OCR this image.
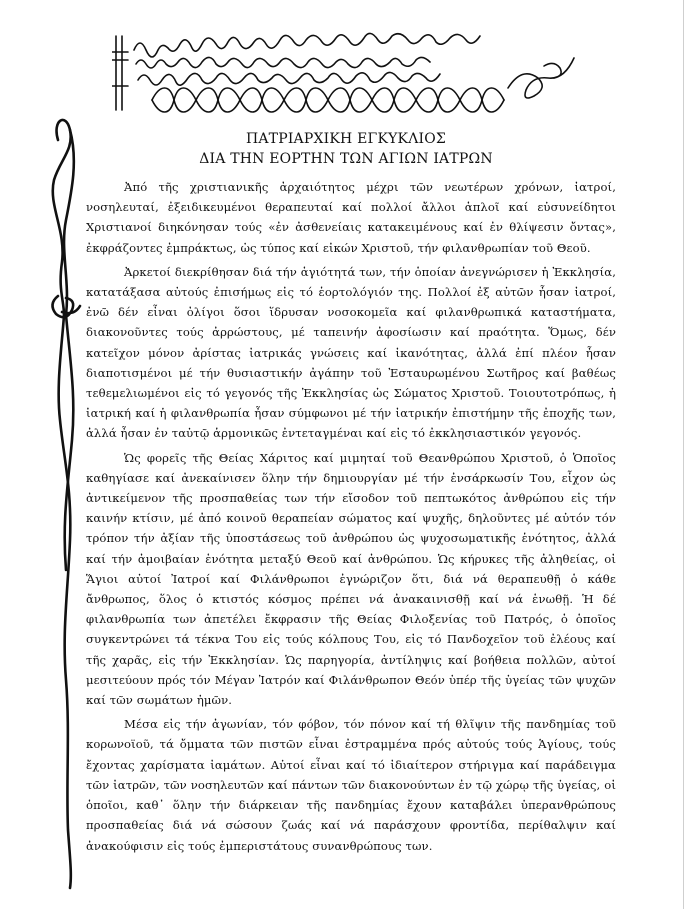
ΠΑΤΡΙΑΡΧΙΚΗ ΕΓΚΥΚΛΙΟΣ
ΔΙΑ ΤΗΝ ΕΟΡΤΗΝ ΤΩΝ ΑΓΙΩΝ ΙΑΤΡΩΝ

Ἀπό τῆς χριστιανικῆς ἀρχαιότητος μέχρι τῶν νεωτέρων χρόνων, ἰατροί, νοσηλευταί, ἐξειδικευμένοι θεραπευταί καί πολλοί ἄλλοι ἁπλοῖ καί εὐσυνείδητοι Χριστιανοί διηκόνησαν τούς «ἐν ἀσθενείαις κατακειμένους καί ἐν θλίψεσιν ὄντας», ἐκφράζοντες ἐμπράκτως, ὡς τύπος καί εἰκών Χριστοῦ, τήν φιλανθρωπίαν τοῦ Θεοῦ.

Ἀρκετοί διεκρίθησαν διά τήν ἁγιότητά των, τήν ὁποίαν ἀνεγνώρισεν ἡ Ἐκκλησία, κατατάξασα αὐτούς ἐπισήμως εἰς τό ἑορτολόγιόν της. Πολλοί ἐξ αὐτῶν ἦσαν ἰατροί, ἐνῶ δέν εἶναι ὀλίγοι ὅσοι ἵδρυσαν νοσοκομεῖα καί φιλανθρωπικά καταστήματα, διακονοῦντες τούς ἀρρώστους, μέ ταπεινήν ἀφοσίωσιν καί πραότητα. Ὅμως, δέν κατεῖχον μόνον ἀρίστας ἰατρικάς γνώσεις καί ἱκανότητας, ἀλλά ἐπί πλέον ἦσαν διαποτισμένοι μέ τήν θυσιαστικήν ἀγάπην τοῦ Ἐσταυρωμένου Σωτῆρος καί βαθέως τεθεμελιωμένοι εἰς τό γεγονός τῆς Ἐκκλησίας ὡς Σώματος Χριστοῦ. Τοιουτοτρόπως, ἡ ἰατρική καί ἡ φιλανθρωπία ἦσαν σύμφωνοι μέ τήν ἰατρικήν ἐπιστήμην τῆς ἐποχῆς των, ἀλλά ἦσαν ἐν ταὐτῷ ἁρμονικῶς ἐντεταγμέναι καί εἰς τό ἐκκλησιαστικόν γεγονός.

Ὡς φορεῖς τῆς Θείας Χάριτος καί μιμηταί τοῦ Θεανθρώπου Χριστοῦ, ὁ Ὁποῖος καθηγίασε καί ἀνεκαίνισεν ὅλην τήν δημιουργίαν μέ τήν ἐνσάρκωσίν Του, εἶχον ὡς ἀντικείμενον τῆς προσπαθείας των τήν εἴσοδον τοῦ πεπτωκότος ἀνθρώπου εἰς τήν καινήν κτίσιν, μέ ἀπό κοινοῦ θεραπείαν σώματος καί ψυχῆς, δηλοῦντες μέ αὐτόν τόν τρόπον τήν ἀξίαν τῆς ὑποστάσεως τοῦ ἀνθρώπου ὡς ψυχοσωματικῆς ἑνότητος, ἀλλά καί τήν ἀμοιβαίαν ἑνότητα μεταξύ Θεοῦ καί ἀνθρώπου. Ὡς κήρυκες τῆς ἀληθείας, οἱ Ἅγιοι αὐτοί Ἰατροί καί Φιλάνθρωποι ἐγνώριζον ὅτι, διά νά θεραπευθῇ ὁ κάθε ἄνθρωπος, ὅλος ὁ κτιστός κόσμος πρέπει νά ἀνακαινισθῇ καί νά ἑνωθῇ. Ἡ δέ φιλανθρωπία των ἀπετέλει ἔκφρασιν τῆς Θείας Φιλοξενίας τοῦ Πατρός, ὁ ὁποῖος συγκεντρώνει τά τέκνα Του εἰς τούς κόλπους Του, εἰς τό Πανδοχεῖον τοῦ ἐλέους καί τῆς χαρᾶς, εἰς τήν Ἐκκλησίαν. Ὡς παρηγορία, ἀντίληψις καί βοήθεια πολλῶν, αὐτοί μεσιτεύουν πρός τόν Μέγαν Ἰατρόν καί Φιλάνθρωπον Θεόν ὑπέρ τῆς ὑγείας τῶν ψυχῶν καί τῶν σωμάτων ἡμῶν.

Μέσα εἰς τήν ἀγωνίαν, τόν φόβον, τόν πόνον καί τή θλῖψιν τῆς πανδημίας τοῦ κορωνοϊοῦ, τά ὄμματα τῶν πιστῶν εἶναι ἐστραμμένα πρός αὐτούς τούς Ἁγίους, τούς ἔχοντας χαρίσματα ἰαμάτων. Αὐτοί εἶναι καί τό ἰδιαίτερον στήριγμα καί παράδειγμα τῶν ἰατρῶν, τῶν νοσηλευτῶν καί πάντων τῶν διακονούντων ἐν τῷ χώρῳ τῆς ὑγείας, οἱ ὁποῖοι, καθ᾽ ὅλην τήν διάρκειαν τῆς πανδημίας ἔχουν καταβάλει ὑπερανθρώπους προσπαθείας διά νά σώσουν ζωάς καί νά παράσχουν φροντίδα, περίθαλψιν καί ἀνακούφισιν εἰς τούς ἐμπεριστάτους συνανθρώπους των.
